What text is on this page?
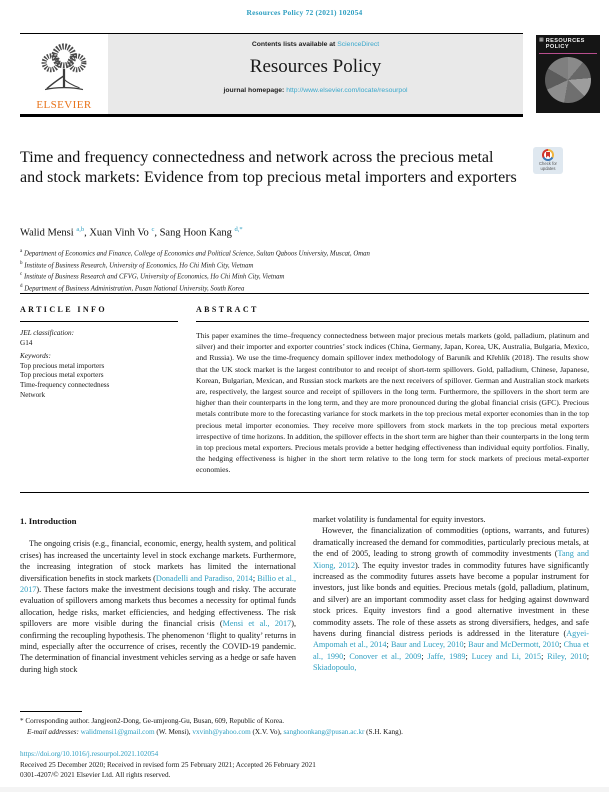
Resources Policy 72 (2021) 102054
ELSEVIER
Contents lists available at ScienceDirect
Resources Policy
journal homepage: http://www.elsevier.com/locate/resourpol
▦ RESOURCES POLICY
Time and frequency connectedness and network across the precious metal and stock markets: Evidence from top precious metal importers and exporters
Check for updates
Walid Mensi $^{a,b}$, Xuan Vinh Vo $^c$, Sang Hoon Kang $^{d,*}$
$^a$ Department of Economics and Finance, College of Economics and Political Science, Sultan Qaboos University, Muscat, Oman
$^b$ Institute of Business Research, University of Economics, Ho Chi Minh City, Vietnam
$^c$ Institute of Business Research and CFVG, University of Economics, Ho Chi Minh City, Vietnam
$^d$ Department of Business Administration, Pusan National University, South Korea
ARTICLE INFO
JEL classification:
G14
Keywords:
Top precious metal importers
Top precious metal exporters
Time-frequency connectedness
Network
ABSTRACT
This paper examines the time–frequency connectedness between major precious metals markets (gold, palladium, platinum and silver) and their importer and exporter countries’ stock indices (China, Germany, Japan, Korea, UK, Australia, Bulgaria, Mexico, and Russia). We use the time-frequency domain spillover index methodology of Baruník and Křehlík (2018). The results show that the UK stock market is the largest contributor to and receipt of short-term spillovers. Gold, palladium, Chinese, Japanese, Korean, Bulgarian, Mexican, and Russian stock markets are the next receivers of spillover. German and Australian stock markets are, respectively, the largest source and receipt of spillovers in the long term. Furthermore, the spillovers in the short term are higher than their counterparts in the long term, and they are more pronounced during the global financial crisis (GFC). Precious metals contribute more to the forecasting variance for stock markets in the top precious metal exporter economies than in the top precious metal importer economies. They receive more spillovers from stock markets in the top precious metal exporters irrespective of time horizons. In addition, the spillover effects in the short term are higher than their counterparts in the long term in top precious metal exporters. Precious metals provide a better hedging effectiveness than individual equity portfolios. Finally, the hedging effectiveness is higher in the short term relative to the long term for stock markets of precious metal-exporter economies.
1. Introduction

The ongoing crisis (e.g., financial, economic, energy, health system, and political crises) has increased the uncertainty level in stock exchange markets. Furthermore, the increasing integration of stock markets has limited the international diversification benefits in stock markets (Donadelli and Paradiso, 2014; Billio et al., 2017). These factors make the investment decisions tough and risky. The accurate evaluation of spillovers among markets thus becomes a necessity for optimal funds allocation, hedge risks, market efficiencies, and hedging effectiveness. The risk spillovers are more visible during the financial crisis (Mensi et al., 2017), confirming the recoupling hypothesis. The phenomenon ‘flight to quality’ returns in mind, especially after the occurrence of crises, recently the COVID-19 pandemic. The determination of financial investment vehicles serving as a hedge or safe haven during high stock

market volatility is fundamental for equity investors.

However, the financialization of commodities (options, warrants, and futures) dramatically increased the demand for commodities, particularly precious metals, at the end of 2005, leading to strong growth of commodity investments (Tang and Xiong, 2012). The equity investor trades in commodity futures have significantly increased as the commodity futures assets have become a popular instrument for investors, just like bonds and equities. Precious metals (gold, palladium, platinum, and silver) are an important commodity asset class for hedging against downward stock prices. Equity investors find a good alternative investment in these commodity assets. The role of these assets as strong diversifiers, hedges, and safe havens during financial distress periods is addressed in the literature (Agyei-Ampomah et al., 2014; Baur and Lucey, 2010; Baur and McDermott, 2010; Chua et al., 1990; Conover et al., 2009; Jaffe, 1989; Lucey and Li, 2015; Riley, 2010; Skiadopoulo,

* Corresponding author. Jangjeon2-Dong, Ge-umjeong-Gu, Busan, 609, Republic of Korea.
E-mail addresses: walidmensi1@gmail.com (W. Mensi), vxvinh@yahoo.com (X.V. Vo), sanghoonkang@pusan.ac.kr (S.H. Kang).
https://doi.org/10.1016/j.resourpol.2021.102054
Received 25 December 2020; Received in revised form 25 February 2021; Accepted 26 February 2021
0301-4207/© 2021 Elsevier Ltd. All rights reserved.
